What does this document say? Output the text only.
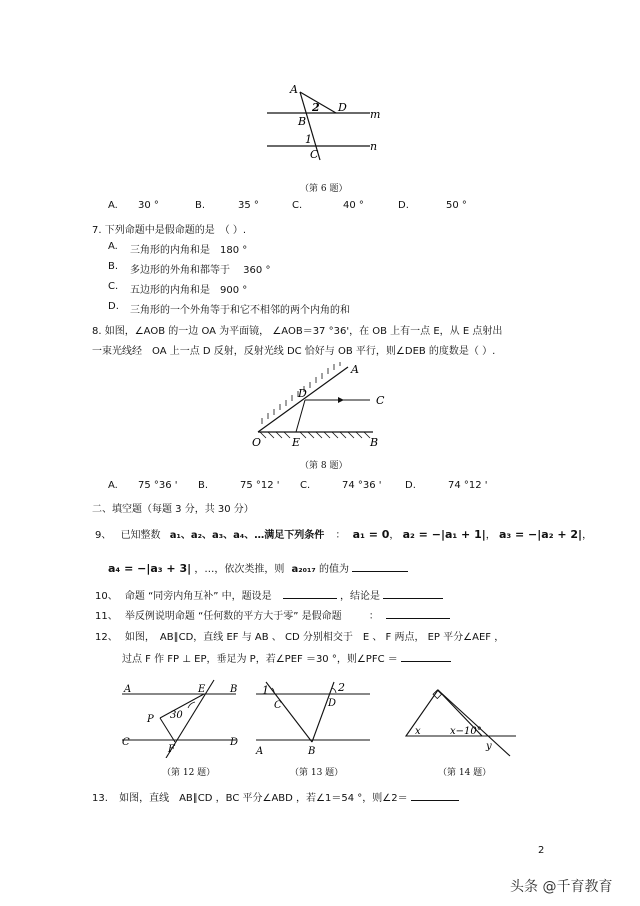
A
D
m
B
2
1
C
n
（第 6 题）
A. 30 °	B.	35 °	C.	40 °	D.	50 °
7. 下列命题中是假命题的是　（ ）.
A. 三角形的内角和是　180 °
B. 多边形的外角和都等于　 360 °
C. 五边形的内角和是　900 °
D. 三角形的一个外角等于和它不相邻的两个内角的和
8. 如图，∠AOB 的一边 OA 为平面镜， ∠AOB＝37 °36'，在 OB 上有一点 E，从 E 点射出
一束光线经　OA 上一点 D 反射，反射光线 DC 恰好与 OB 平行，则∠DEB 的度数是（ ）.
A
D
C
O	E	B
（第 8 题）
A. 75 °36 ' B.	75 °12 ' C.	74 °36 ' D.	74 °12 '
二、填空题（每题 3 分，共 30 分）
9、 已知整数 a₁、a₂、a₃、a₄、…满足下列条件 ： a₁ = 0， a₂ = −|a₁ + 1|， a₃ = −|a₂ + 2|，
a₄ = −|a₃ + 3| ，…，依次类推，则 a₂₀₁₇ 的值为
10、 命题 “同旁内角互补” 中，题设是	，结论是
11、 举反例说明命题 “任何数的平方大于零” 是假命题	：
12、 如图，　AB∥CD，直线 EF 与 AB 、 CD 分别相交于　E 、 F 两点， EP 平分∠AEF ，
过点 F 作 FP ⊥ EP，垂足为 P，若∠PEF ＝30 °，则∠PFC ＝
A	E B
P 30
C
F
D
（第 12 题）
1	2
C	D
A	B
（第 13 题）
x	x−10°
y
（第 14 题）
13. 如图，直线　AB∥CD ，BC 平分∠ABD ，若∠1＝54 °，则∠2＝
2
头条 @千育教育
